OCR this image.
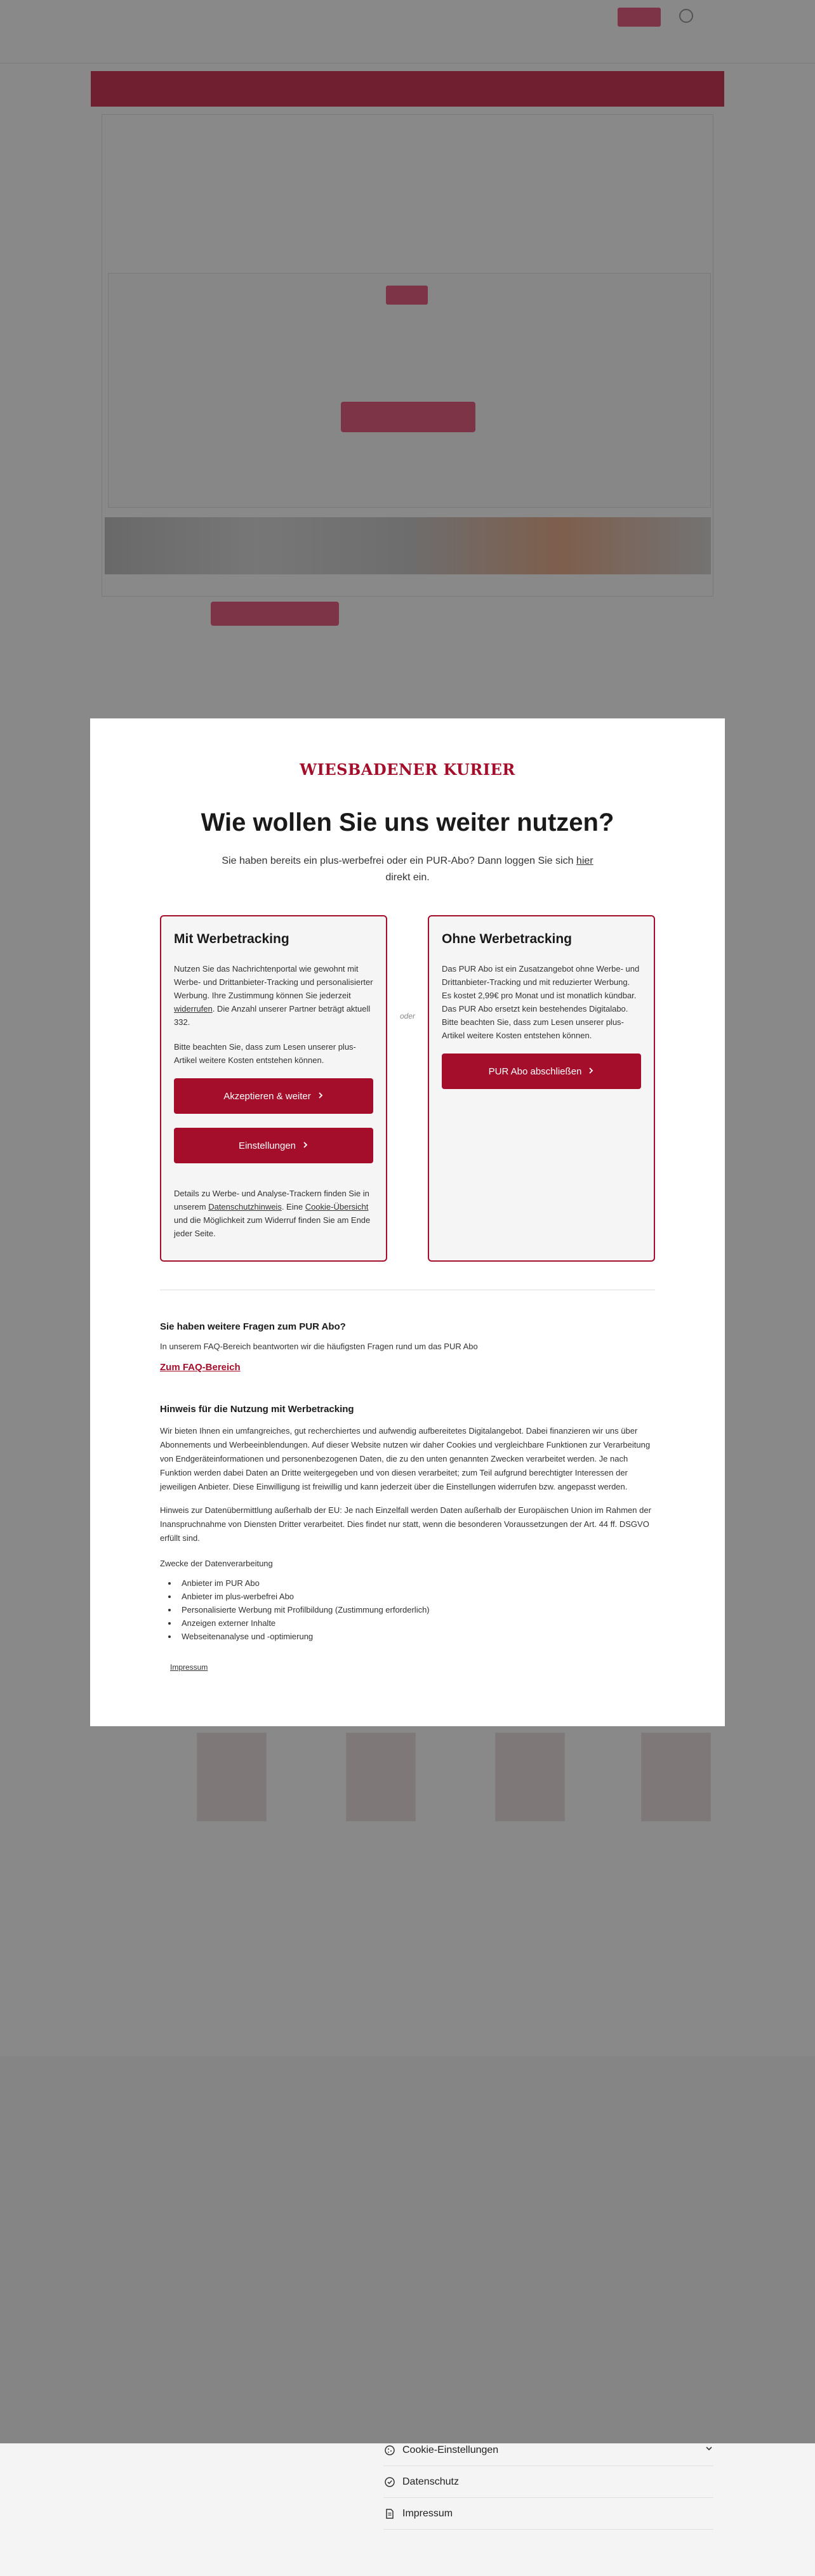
Cookie-Einstellungen
Datenschutz
Impressum
WIESBADENER KURIER
Wie wollen Sie uns weiter nutzen?

Sie haben bereits ein plus-werbefrei oder ein PUR-Abo? Dann loggen Sie sich hier direkt ein.

Mit Werbetracking

Nutzen Sie das Nachrichtenportal wie gewohnt mit Werbe- und Drittanbieter-Tracking und personalisierter Werbung. Ihre Zustimmung können Sie jederzeit widerrufen. Die Anzahl unserer Partner beträgt aktuell 332.

Bitte beachten Sie, dass zum Lesen unserer plus-Artikel weitere Kosten entstehen können.

Akzeptieren & weiter
Einstellungen

Details zu Werbe- und Analyse-Trackern finden Sie in unserem Datenschutzhinweis. Eine Cookie-Übersicht und die Möglichkeit zum Widerruf finden Sie am Ende jeder Seite.

oder
Ohne Werbetracking

Das PUR Abo ist ein Zusatzangebot ohne Werbe- und Drittanbieter-Tracking und mit reduzierter Werbung. Es kostet 2,99€ pro Monat und ist monatlich kündbar. Das PUR Abo ersetzt kein bestehendes Digitalabo. Bitte beachten Sie, dass zum Lesen unserer plus-Artikel weitere Kosten entstehen können.

PUR Abo abschließen
Sie haben weitere Fragen zum PUR Abo?

In unserem FAQ-Bereich beantworten wir die häufigsten Fragen rund um das PUR Abo

Zum FAQ-Bereich
Hinweis für die Nutzung mit Werbetracking

Wir bieten Ihnen ein umfangreiches, gut recherchiertes und aufwendig aufbereitetes Digitalangebot. Dabei finanzieren wir uns über Abonnements und Werbeeinblendungen. Auf dieser Website nutzen wir daher Cookies und vergleichbare Funktionen zur Verarbeitung von Endgeräteinformationen und personenbezogenen Daten, die zu den unten genannten Zwecken verarbeitet werden. Je nach Funktion werden dabei Daten an Dritte weitergegeben und von diesen verarbeitet; zum Teil aufgrund berechtigter Interessen der jeweiligen Anbieter. Diese Einwilligung ist freiwillig und kann jederzeit über die Einstellungen widerrufen bzw. angepasst werden.

Hinweis zur Datenübermittlung außerhalb der EU: Je nach Einzelfall werden Daten außerhalb der Europäischen Union im Rahmen der Inanspruchnahme von Diensten Dritter verarbeitet. Dies findet nur statt, wenn die besonderen Voraussetzungen der Art. 44 ff. DSGVO erfüllt sind.

Zwecke der Datenverarbeitung

• Anbieter im PUR Abo
• Anbieter im plus-werbefrei Abo
• Personalisierte Werbung mit Profilbildung (Zustimmung erforderlich)
• Anzeigen externer Inhalte
• Webseitenanalyse und -optimierung
Impressum
